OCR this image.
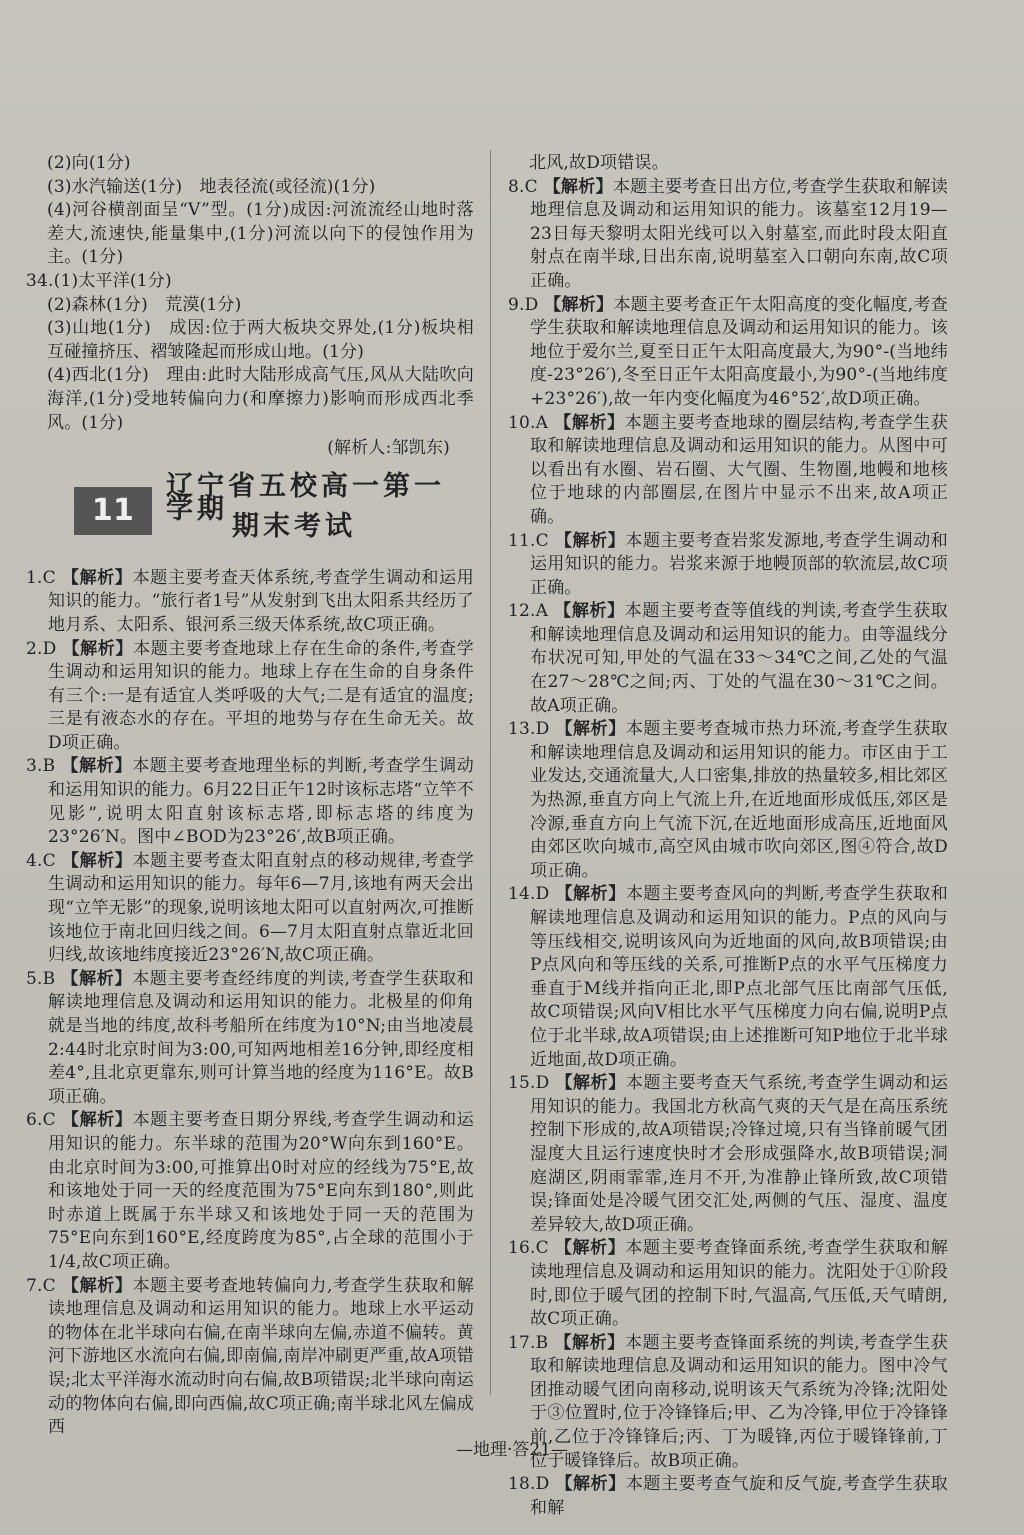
(2)向(1分)

(3)水汽输送(1分)　地表径流(或径流)(1分)

(4)河谷横剖面呈“V”型。(1分)成因:河流流经山地时落差大,流速快,能量集中,(1分)河流以向下的侵蚀作用为主。(1分)

34.(1)太平洋(1分)

(2)森林(1分)　荒漠(1分)

(3)山地(1分)　成因:位于两大板块交界处,(1分)板块相互碰撞挤压、褶皱隆起而形成山地。(1分)

(4)西北(1分)　理由:此时大陆形成高气压,风从大陆吹向海洋,(1分)受地转偏向力(和摩擦力)影响而形成西北季风。(1分)

(解析人:邹凯东)

11
辽宁省五校高一第一学期
期末考试

1.C 【解析】本题主要考查天体系统,考查学生调动和运用知识的能力。“旅行者1号”从发射到飞出太阳系共经历了地月系、太阳系、银河系三级天体系统,故C项正确。

2.D 【解析】本题主要考查地球上存在生命的条件,考查学生调动和运用知识的能力。地球上存在生命的自身条件有三个:一是有适宜人类呼吸的大气;二是有适宜的温度;三是有液态水的存在。平坦的地势与存在生命无关。故D项正确。

3.B 【解析】本题主要考查地理坐标的判断,考查学生调动和运用知识的能力。6月22日正午12时该标志塔“立竿不见影”,说明太阳直射该标志塔,即标志塔的纬度为23°26′N。图中∠BOD为23°26′,故B项正确。

4.C 【解析】本题主要考查太阳直射点的移动规律,考查学生调动和运用知识的能力。每年6—7月,该地有两天会出现“立竿无影”的现象,说明该地太阳可以直射两次,可推断该地位于南北回归线之间。6—7月太阳直射点靠近北回归线,故该地纬度接近23°26′N,故C项正确。

5.B 【解析】本题主要考查经纬度的判读,考查学生获取和解读地理信息及调动和运用知识的能力。北极星的仰角就是当地的纬度,故科考船所在纬度为10°N;由当地凌晨2:44时北京时间为3:00,可知两地相差16分钟,即经度相差4°,且北京更靠东,则可计算当地的经度为116°E。故B项正确。

6.C 【解析】本题主要考查日期分界线,考查学生调动和运用知识的能力。东半球的范围为20°W向东到160°E。由北京时间为3:00,可推算出0时对应的经线为75°E,故和该地处于同一天的经度范围为75°E向东到180°,则此时赤道上既属于东半球又和该地处于同一天的范围为75°E向东到160°E,经度跨度为85°,占全球的范围小于1/4,故C项正确。

7.C 【解析】本题主要考查地转偏向力,考查学生获取和解读地理信息及调动和运用知识的能力。地球上水平运动的物体在北半球向右偏,在南半球向左偏,赤道不偏转。黄河下游地区水流向右偏,即南偏,南岸冲刷更严重,故A项错误;北太平洋海水流动时向右偏,故B项错误;北半球向南运动的物体向右偏,即向西偏,故C项正确;南半球北风左偏成西

北风,故D项错误。

8.C 【解析】本题主要考查日出方位,考查学生获取和解读地理信息及调动和运用知识的能力。该墓室12月19—23日每天黎明太阳光线可以入射墓室,而此时段太阳直射点在南半球,日出东南,说明墓室入口朝向东南,故C项正确。

9.D 【解析】本题主要考查正午太阳高度的变化幅度,考查学生获取和解读地理信息及调动和运用知识的能力。该地位于爱尔兰,夏至日正午太阳高度最大,为90°-(当地纬度-23°26′),冬至日正午太阳高度最小,为90°-(当地纬度+23°26′),故一年内变化幅度为46°52′,故D项正确。

10.A 【解析】本题主要考查地球的圈层结构,考查学生获取和解读地理信息及调动和运用知识的能力。从图中可以看出有水圈、岩石圈、大气圈、生物圈,地幔和地核位于地球的内部圈层,在图片中显示不出来,故A项正确。

11.C 【解析】本题主要考查岩浆发源地,考查学生调动和运用知识的能力。岩浆来源于地幔顶部的软流层,故C项正确。

12.A 【解析】本题主要考查等值线的判读,考查学生获取和解读地理信息及调动和运用知识的能力。由等温线分布状况可知,甲处的气温在33～34℃之间,乙处的气温在27～28℃之间;丙、丁处的气温在30～31℃之间。故A项正确。

13.D 【解析】本题主要考查城市热力环流,考查学生获取和解读地理信息及调动和运用知识的能力。市区由于工业发达,交通流量大,人口密集,排放的热量较多,相比郊区为热源,垂直方向上气流上升,在近地面形成低压,郊区是冷源,垂直方向上气流下沉,在近地面形成高压,近地面风由郊区吹向城市,高空风由城市吹向郊区,图④符合,故D项正确。

14.D 【解析】本题主要考查风向的判断,考查学生获取和解读地理信息及调动和运用知识的能力。P点的风向与等压线相交,说明该风向为近地面的风向,故B项错误;由P点风向和等压线的关系,可推断P点的水平气压梯度力垂直于M线并指向正北,即P点北部气压比南部气压低,故C项错误;风向V相比水平气压梯度力向右偏,说明P点位于北半球,故A项错误;由上述推断可知P地位于北半球近地面,故D项正确。

15.D 【解析】本题主要考查天气系统,考查学生调动和运用知识的能力。我国北方秋高气爽的天气是在高压系统控制下形成的,故A项错误;冷锋过境,只有当锋前暖气团湿度大且运行速度快时才会形成强降水,故B项错误;洞庭湖区,阴雨霏霏,连月不开,为准静止锋所致,故C项错误;锋面处是冷暖气团交汇处,两侧的气压、湿度、温度差异较大,故D项正确。

16.C 【解析】本题主要考查锋面系统,考查学生获取和解读地理信息及调动和运用知识的能力。沈阳处于①阶段时,即位于暖气团的控制下时,气温高,气压低,天气晴朗,故C项正确。

17.B 【解析】本题主要考查锋面系统的判读,考查学生获取和解读地理信息及调动和运用知识的能力。图中冷气团推动暖气团向南移动,说明该天气系统为冷锋;沈阳处于③位置时,位于冷锋锋后;甲、乙为冷锋,甲位于冷锋锋前,乙位于冷锋锋后;丙、丁为暖锋,丙位于暖锋锋前,丁位于暖锋锋后。故B项正确。

18.D 【解析】本题主要考查气旋和反气旋,考查学生获取和解

—地理·答21—
